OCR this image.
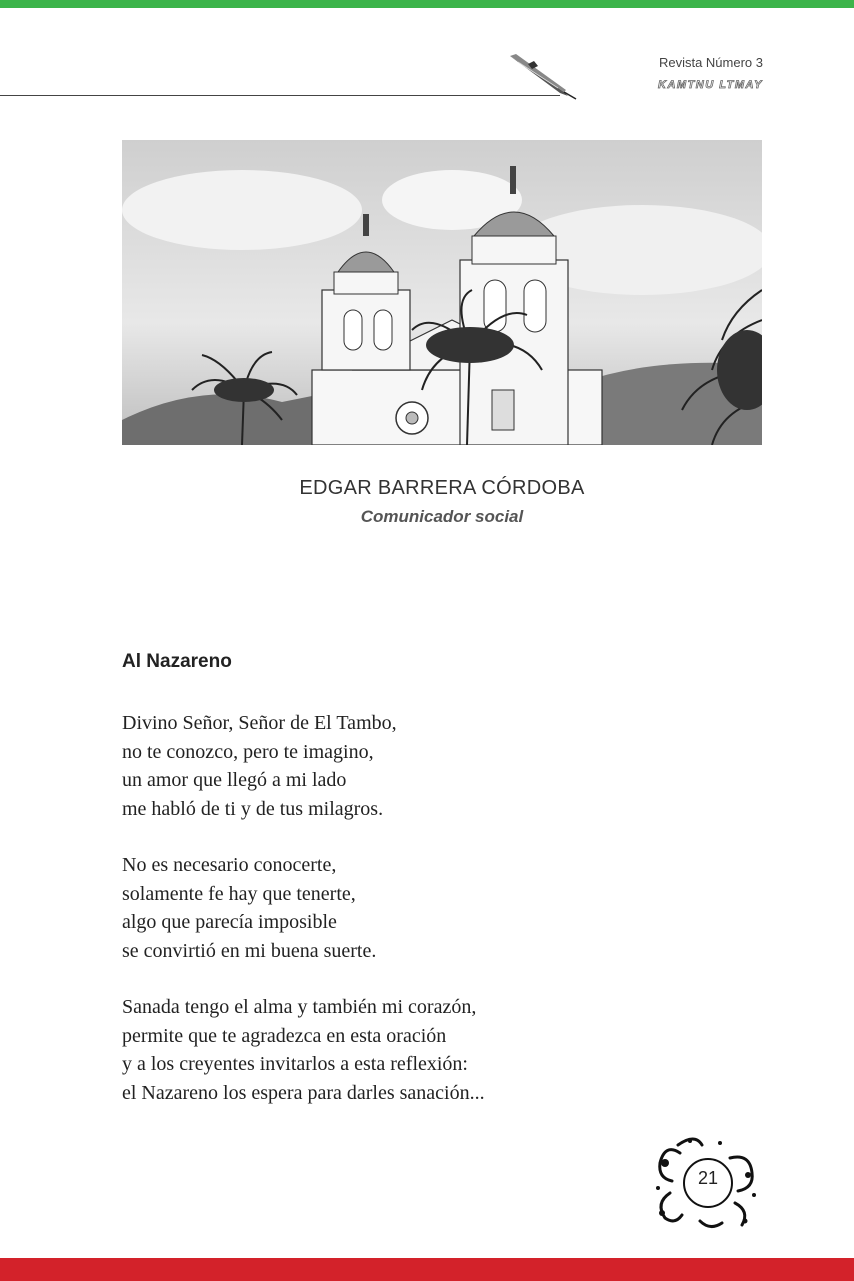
Revista Número 3
KAMTNU LTMAY
EDGAR BARRERA CÓRDOBA
Comunicador social
Al Nazareno
Divino Señor, Señor de El Tambo,
no te conozco, pero te imagino,
un amor que llegó a mi lado
me habló de ti y de tus milagros.
No es necesario conocerte,
solamente fe hay que tenerte,
algo que parecía imposible
se convirtió en mi buena suerte.
Sanada tengo el alma y también mi corazón,
permite que te agradezca en esta oración
y a los creyentes invitarlos a esta reflexión:
el Nazareno los espera para darles sanación...
21
